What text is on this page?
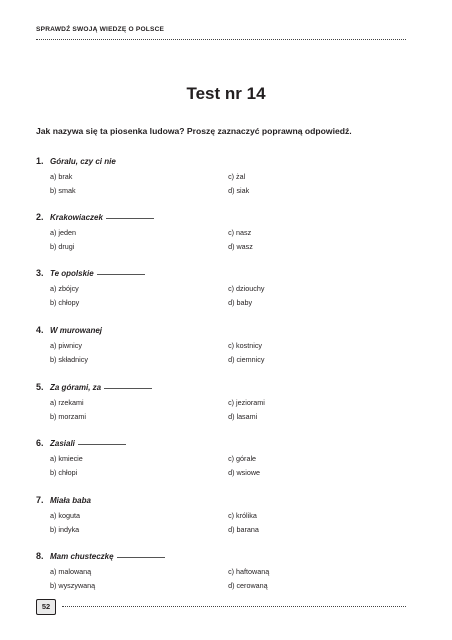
SPRAWDŹ SWOJĄ WIEDZĘ O POLSCE
Test nr 14
Jak nazywa się ta piosenka ludowa? Proszę zaznaczyć poprawną odpowiedź.
1. Góralu, czy ci nie
a) brak	c) żal
b) smak	d) siak
2. Krakowiaczek
a) jeden	c) nasz
b) drugi	d) wasz
3. Te opolskie
a) zbójcy	c) dziouchy
b) chłopy	d) baby
4. W murowanej
a) piwnicy	c) kostnicy
b) składnicy	d) ciemnicy
5. Za górami, za
a) rzekami	c) jeziorami
b) morzami	d) lasami
6. Zasiali
a) kmiecie	c) górale
b) chłopi	d) wsiowe
7. Miała baba
a) koguta	c) królika
b) indyka	d) barana
8. Mam chusteczkę
a) malowaną	c) haftowaną
b) wyszywaną	d) cerowaną
52
